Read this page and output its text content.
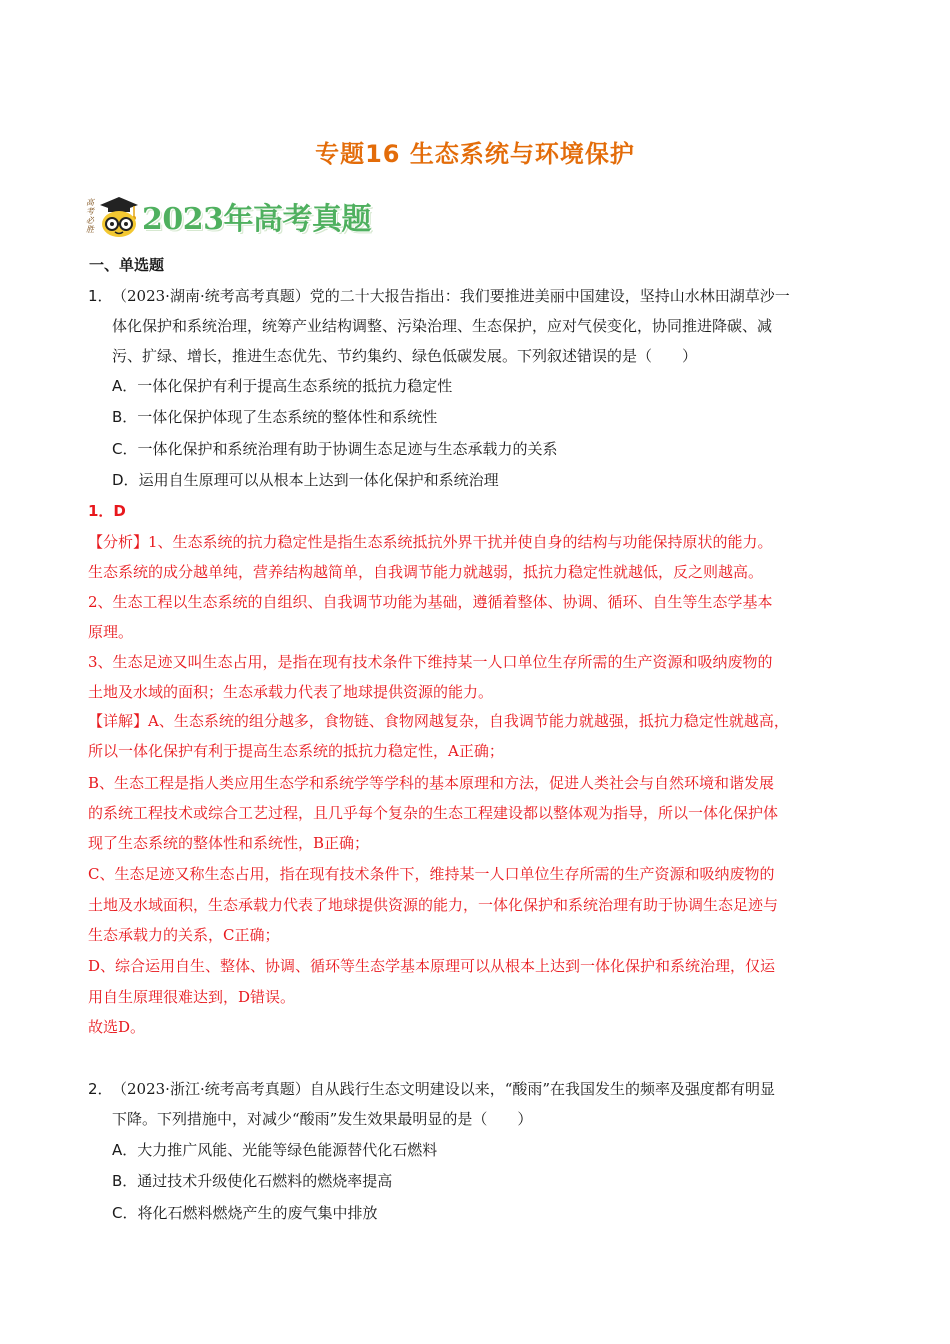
专题16 生态系统与环境保护
高考必胜 2023年高考真题
一、单选题
1． （2023·湖南·统考高考真题）党的二十大报告指出：我们要推进美丽中国建设，坚持山水林田湖草沙一
体化保护和系统治理，统筹产业结构调整、污染治理、生态保护，应对气侯变化，协同推进降碳、减
污、扩绿、增长，推进生态优先、节约集约、绿色低碳发展。下列叙述错误的是（　　）
A．一体化保护有利于提高生态系统的抵抗力稳定性
B．一体化保护体现了生态系统的整体性和系统性
C．一体化保护和系统治理有助于协调生态足迹与生态承载力的关系
D．运用自生原理可以从根本上达到一体化保护和系统治理
1．D
【分析】1、生态系统的抗力稳定性是指生态系统抵抗外界干扰并使自身的结构与功能保持原状的能力。
生态系统的成分越单纯，营养结构越简单，自我调节能力就越弱，抵抗力稳定性就越低，反之则越高。
2、生态工程以生态系统的自组织、自我调节功能为基础，遵循着整体、协调、循环、自生等生态学基本
原理。
3、生态足迹又叫生态占用，是指在现有技术条件下维持某一人口单位生存所需的生产资源和吸纳废物的
土地及水域的面积；生态承载力代表了地球提供资源的能力。
【详解】A、生态系统的组分越多，食物链、食物网越复杂，自我调节能力就越强，抵抗力稳定性就越高，
所以一体化保护有利于提高生态系统的抵抗力稳定性，A正确；
B、生态工程是指人类应用生态学和系统学等学科的基本原理和方法，促进人类社会与自然环境和谐发展
的系统工程技术或综合工艺过程，且几乎每个复杂的生态工程建设都以整体观为指导，所以一体化保护体
现了生态系统的整体性和系统性，B正确；
C、生态足迹又称生态占用，指在现有技术条件下，维持某一人口单位生存所需的生产资源和吸纳废物的
土地及水域面积，生态承载力代表了地球提供资源的能力，一体化保护和系统治理有助于协调生态足迹与
生态承载力的关系，C正确；
D、综合运用自生、整体、协调、循环等生态学基本原理可以从根本上达到一体化保护和系统治理，仅运
用自生原理很难达到，D错误。
故选D。
2． （2023·浙江·统考高考真题）自从践行生态文明建设以来，“酸雨”在我国发生的频率及强度都有明显
下降。下列措施中，对减少“酸雨”发生效果最明显的是（　　）
A．大力推广风能、光能等绿色能源替代化石燃料
B．通过技术升级使化石燃料的燃烧率提高
C．将化石燃料燃烧产生的废气集中排放
